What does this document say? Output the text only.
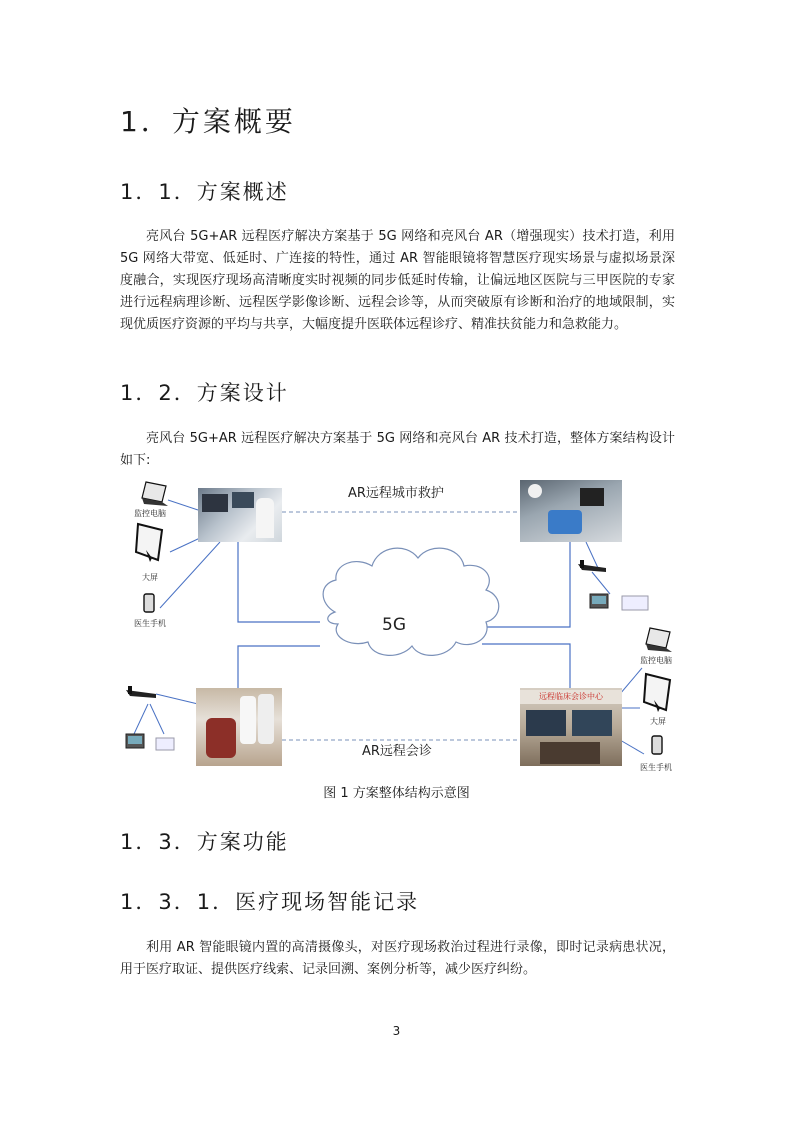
1．方案概要
1．1．方案概述

亮风台 5G+AR 远程医疗解决方案基于 5G 网络和亮风台 AR（增强现实）技术打造，利用 5G 网络大带宽、低延时、广连接的特性，通过 AR 智能眼镜将智慧医疗现实场景与虚拟场景深度融合，实现医疗现场高清晰度实时视频的同步低延时传输，让偏远地区医院与三甲医院的专家进行远程病理诊断、远程医学影像诊断、远程会诊等，从而突破原有诊断和治疗的地域限制，实现优质医疗资源的平均与共享，大幅度提升医联体远程诊疗、精准扶贫能力和急救能力。

1．2．方案设计

亮风台 5G+AR 远程医疗解决方案基于 5G 网络和亮风台 AR 技术打造，整体方案结构设计如下:

远程临床会诊中心
AR远程城市救护
AR远程会诊
5G
监控电脑
大屏
医生手机
监控电脑
大屏
医生手机
图 1 方案整体结构示意图
1．3．方案功能
1．3．1．医疗现场智能记录

利用 AR 智能眼镜内置的高清摄像头，对医疗现场救治过程进行录像，即时记录病患状况，用于医疗取证、提供医疗线索、记录回溯、案例分析等，减少医疗纠纷。

3
